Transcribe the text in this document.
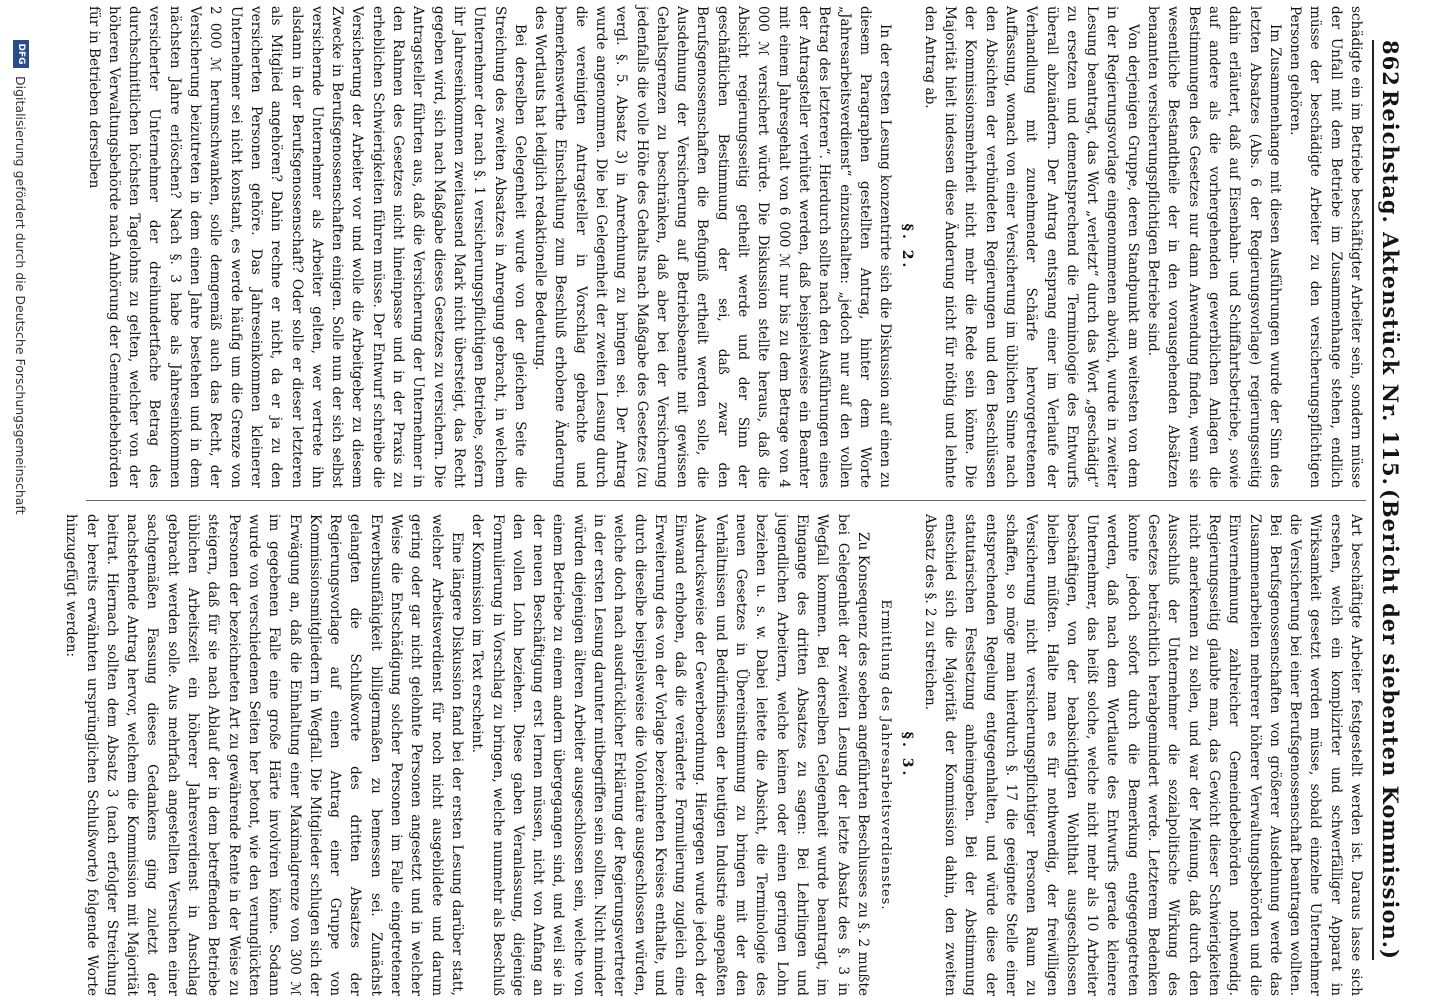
862
Reichstag. Aktenstück Nr. 115.
(Bericht der siebenten Kommission.)

schädigte ein im Betriebe beschäftigter Arbeiter sein, sondern müsse der Unfall mit dem Betriebe im Zusammenhange stehen, endlich müsse der beschädigte Arbeiter zu den versicherungspflichtigen Personen gehören.

Im Zusammenhange mit diesen Ausführungen wurde der Sinn des letzten Absatzes (Abs. 6 der Regierungsvorlage) regierungsseitig dahin erläutert, daß auf Eisenbahn- und Schiffahrtsbetriebe, sowie auf andere als die vorhergehenden gewerblichen Anlagen die Bestimmungen des Gesetzes nur dann Anwendung finden, wenn sie wesentliche Bestandtheile der in den vorausgehenden Absätzen benannten versicherungspflichtigen Betriebe sind.

Von derjenigen Gruppe, deren Standpunkt am weitesten von dem in der Regierungsvorlage eingenommenen abwich, wurde in zweiter Lesung beantragt, das Wort „verletzt“ durch das Wort „geschädigt“ zu ersetzen und dementsprechend die Terminologie des Entwurfs überall abzuändern. Der Antrag entsprang einer im Verlaufe der Verhandlung mit zunehmender Schärfe hervorgetretenen Auffassung, wonach von einer Versicherung im üblichen Sinne nach den Absichten der verbündeten Regierungen und den Beschlüssen der Kommissionsmehrheit nicht mehr die Rede sein könne. Die Majorität hielt indessen diese Änderung nicht für nöthig und lehnte den Antrag ab.

§. 2.

In der ersten Lesung konzentrirte sich die Diskussion auf einen zu diesem Paragraphen gestellten Antrag, hinter dem Worte „Jahresarbeitsverdienst“ einzuschalten: „jedoch nur auf den vollen Betrag des letzteren“. Hierdurch sollte nach den Ausführungen eines der Antragsteller verhütet werden, daß beispielsweise ein Beamter mit einem Jahresgehalt von 6 000 ℳ nur bis zu dem Betrage von 4 000 ℳ versichert würde. Die Diskussion stellte heraus, daß die Absicht regierungsseitig getheilt werde und der Sinn der geschäftlichen Bestimmung der sei, daß zwar den Berufsgenossenschaften die Befugniß ertheilt werden solle, die Ausdehnung der Versicherung auf Betriebsbeamte mit gewissen Gehaltsgrenzen zu beschränken, daß aber bei der Versicherung jedenfalls die volle Höhe des Gehalts nach Maßgabe des Gesetzes (zu vergl. §. 5. Absatz 3) in Anrechnung zu bringen sei. Der Antrag wurde angenommen. Die bei Gelegenheit der zweiten Lesung durch die vereinigten Antragsteller in Vorschlag gebrachte und bemerkenswerthe Einschaltung zum Beschluß erhobene Änderung des Wortlauts hat lediglich redaktionelle Bedeutung.

Bei derselben Gelegenheit wurde von der gleichen Seite die Streichung des zweiten Absatzes in Anregung gebracht, in welchem Unternehmer der nach §. 1 versicherungspflichtigen Betriebe, sofern ihr Jahreseinkommen zweitausend Mark nicht übersteigt, das Recht gegeben wird, sich nach Maßgabe dieses Gesetzes zu versichern. Die Antragsteller führten aus, daß die Versicherung der Unternehmer in den Rahmen des Gesetzes nicht hineinpasse und in der Praxis zu erheblichen Schwierigkeiten führen müsse. Der Entwurf schreibe die Versicherung der Arbeiter vor und wolle die Arbeitgeber zu diesem Zwecke in Berufsgenossenschaften einigen. Solle nun der sich selbst versichernde Unternehmer als Arbeiter gelten, wer vertrete ihn alsdann in der Berufsgenossenschaft? Oder solle er dieser letzteren als Mitglied angehören? Dahin rechne er nicht, da er ja zu den versicherten Personen gehöre. Das Jahreseinkommen kleinerer Unternehmer sei nicht konstant, es werde häufig um die Grenze von 2 000 ℳ herumschwanken, solle demgemäß auch das Recht, der Versicherung beizutreten in dem einen Jahre bestehen und in dem nächsten Jahre erlöschen? Nach §. 3 habe als Jahreseinkommen versicherter Unternehmer der dreihundertfache Betrag des durchschnittlichen höchsten Tagelohns zu gelten, welcher von der höheren Verwaltungsbehörde nach Anhörung der Gemeindebehörden für in Betrieben derselben

Art beschäftigte Arbeiter festgestellt werden ist. Daraus lasse sich ersehen, welch ein komplizirter und schwerfälliger Apparat in Wirksamkeit gesetzt werden müsse, sobald einzelne Unternehmer die Versicherung bei einer Berufsgenossenschaft beantragen wollten. Bei Berufsgenossenschaften von größerer Ausdehnung werde das Zusammenarbeiten mehrerer höherer Verwaltungsbehörden und die Einvernehmung zahlreicher Gemeindebehörden nothwendig. Regierungsseitig glaubte man, das Gewicht dieser Schwierigkeiten nicht anerkennen zu sollen, und war der Meinung, daß durch den Ausschluß der Unternehmer die sozialpolitische Wirkung des Gesetzes beträchtlich herabgemindert werde. Letzterem Bedenken konnte jedoch sofort durch die Bemerkung entgegengetreten werden, daß nach dem Wortlaute des Entwurfs gerade kleinere Unternehmer, das heißt solche, welche nicht mehr als 10 Arbeiter beschäftigen, von der beabsichtigten Wohlthat ausgeschlossen bleiben müßten. Halte man es für nothwendig, der freiwilligen Versicherung nicht versicherungspflichtiger Personen Raum zu schaffen, so möge man hierdurch §. 17 die geeignete Stelle einer entsprechenden Regelung entgegenhalten, und würde diese der statutarischen Festsetzung anheimgeben. Bei der Abstimmung entschied sich die Majorität der Kommission dahin, den zweiten Absatz des §. 2 zu streichen.

§. 3.
Ermittlung des Jahresarbeitsverdienstes.

Zu Konsequenz des soeben angeführten Beschlusses zu §. 2 mußte bei Gelegenheit der zweiten Lesung der letzte Absatz des §. 3 in Wegfall kommen. Bei derselben Gelegenheit wurde beantragt, im Eingange des dritten Absatzes zu sagen: Bei Lehrlingen und jugendlichen Arbeitern, welche keinen oder einen geringen Lohn beziehen u. s. w. Dabei leitete die Absicht, die Terminologie des neuen Gesetzes in Übereinstimmung zu bringen mit der den Verhältnissen und Bedürfnissen der heutigen Industrie angepaßten Ausdrucksweise der Gewerbeordnung. Hiergegen wurde jedoch der Einwand erhoben, daß die veränderte Formulierung zugleich eine Erweiterung des von der Vorlage bezeichneten Kreises enthalte, und durch dieselbe beispielsweise die Volontaire ausgeschlossen würden, welche doch nach ausdrücklicher Erklärung der Regierungsvertreter in der ersten Lesung darunter mitbegriffen sein sollten. Nicht minder würden diejenigen älteren Arbeiter ausgeschlossen sein, welche von einem Betriebe zu einem andern übergegangen sind, und weil sie in der neuen Beschäftigung erst lernen müssen, nicht von Anfang an den vollen Lohn beziehen. Diese gaben Veranlassung, diejenige Formulierung in Vorschlag zu bringen, welche nunmehr als Beschluß der Kommission im Text erscheint.

Eine längere Diskussion fand bei der ersten Lesung darüber statt, welcher Arbeitsverdienst für noch nicht ausgebildete und darum gering oder gar nicht gelohnte Personen angesetzt und in welcher Weise die Entschädigung solcher Personen im Falle eingetretener Erwerbsunfähigkeit billigermaßen zu bemessen sei. Zunächst gelangten die Schlußworte des dritten Absatzes der Regierungsvorlage auf einen Antrag einer Gruppe von Kommissionsmitgliedern in Wegfall. Die Mitglieder schlugen sich der Erwägung an, daß die Einhaltung einer Maximalgrenze von 300 ℳ im gegebenen Falle eine große Härte involviren könne. Sodann wurde von verschiedenen Seiten her betont, wie den verunglückten Personen der bezeichneten Art zu gewährende Rente in der Weise zu steigern, daß für sie nach Ablauf der in dem betreffenden Betriebe üblichen Arbeitszeit ein höherer Jahresverdienst in Anschlag gebracht werden solle. Aus mehrfach angestellten Versuchen einer sachgemäßen Fassung dieses Gedankens ging zuletzt der nachstehende Antrag hervor, welchem die Kommission mit Majorität beitrat. Hiernach sollten dem Absatz 3 (nach erfolgter Streichung der bereits erwähnten ursprünglichen Schlußworte) folgende Worte hinzugefügt werden:

DFG
Digitalisierung gefördert durch die Deutsche Forschungsgemeinschaft
